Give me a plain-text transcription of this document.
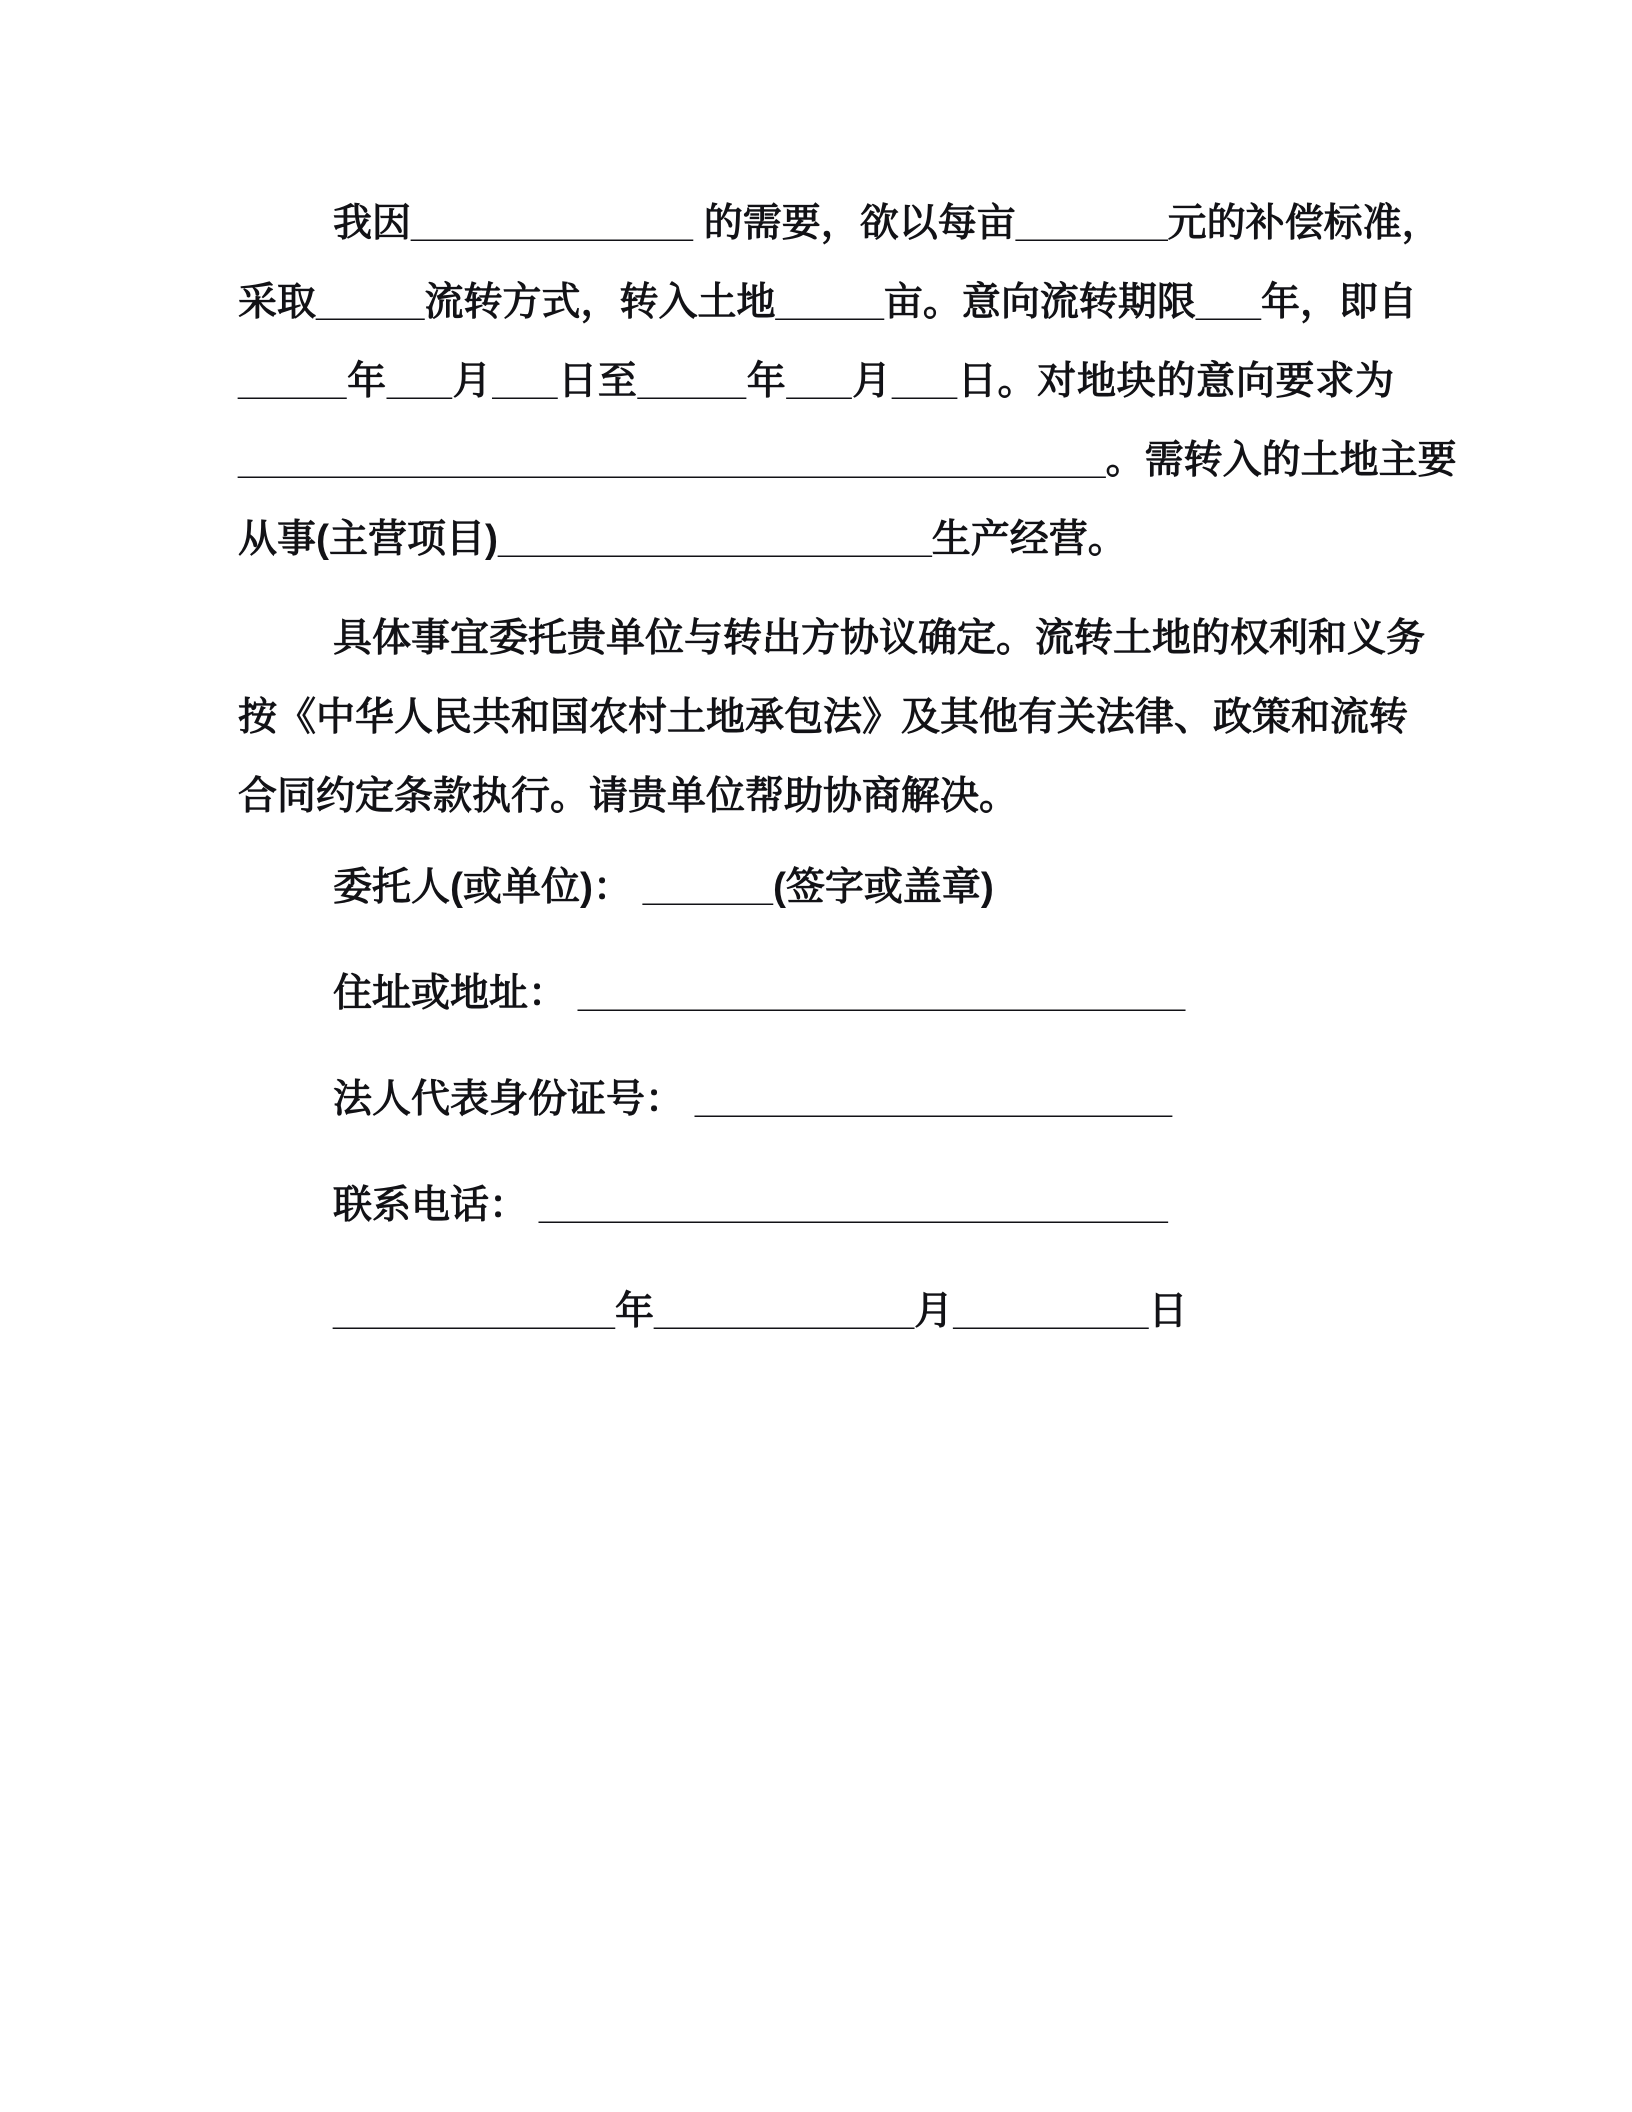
我因_____________ 的需要，欲以每亩_______元的补偿标准，
采取_____流转方式，转入土地_____亩。意向流转期限___年，即自
_____年___月___日至_____年___月___日。对地块的意向要求为
________________________________________。需转入的土地主要
从事(主营项目)____________________生产经营。
具体事宜委托贵单位与转出方协议确定。流转土地的权利和义务
按《中华人民共和国农村土地承包法》及其他有关法律、政策和流转
合同约定条款执行。请贵单位帮助协商解决。
委托人(或单位)： ______(签字或盖章)
住址或地址： ____________________________
法人代表身份证号： ______________________
联系电话： _____________________________
_____________年____________月_________日
